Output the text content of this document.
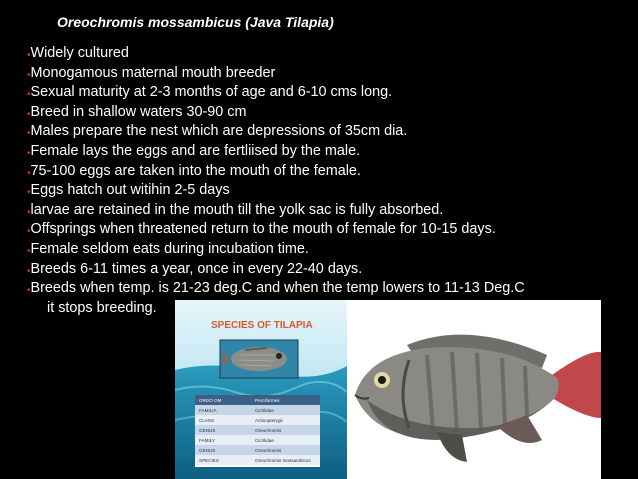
Oreochromis mossambicus (Java Tilapia)
•Widely cultured
•Monogamous maternal mouth breeder
•Sexual maturity at 2-3 months of age and 6-10 cms long.
•Breed in shallow waters 30-90 cm
•Males prepare the nest which are depressions of 35cm dia.
•Female lays the eggs and are fertliised by the male.
•75-100 eggs are taken into the mouth of the female.
•Eggs hatch out witihin 2-5 days
•larvae are retained in the mouth till the yolk sac is fully absorbed.
•Offsprings when threatened return to the mouth of female for 10-15 days.
•Female seldom eats during incubation time.
•Breeds 6-11 times a year, once in every 22-40 days.
•Breeds when temp. is 21-23 deg.C and when the temp lowers to 11-13 Deg.C
it stops breeding.
SPECIES OF TILAPIA
ORDO OM	Perciformes
FAMILIA	Cichlidae
CLASS	Actinopterygii
GENUS	Oreochromis
FAMILY	Cichlidae
GENUS	Oreochromis
SPECIES	Oreochromis mossambicus
